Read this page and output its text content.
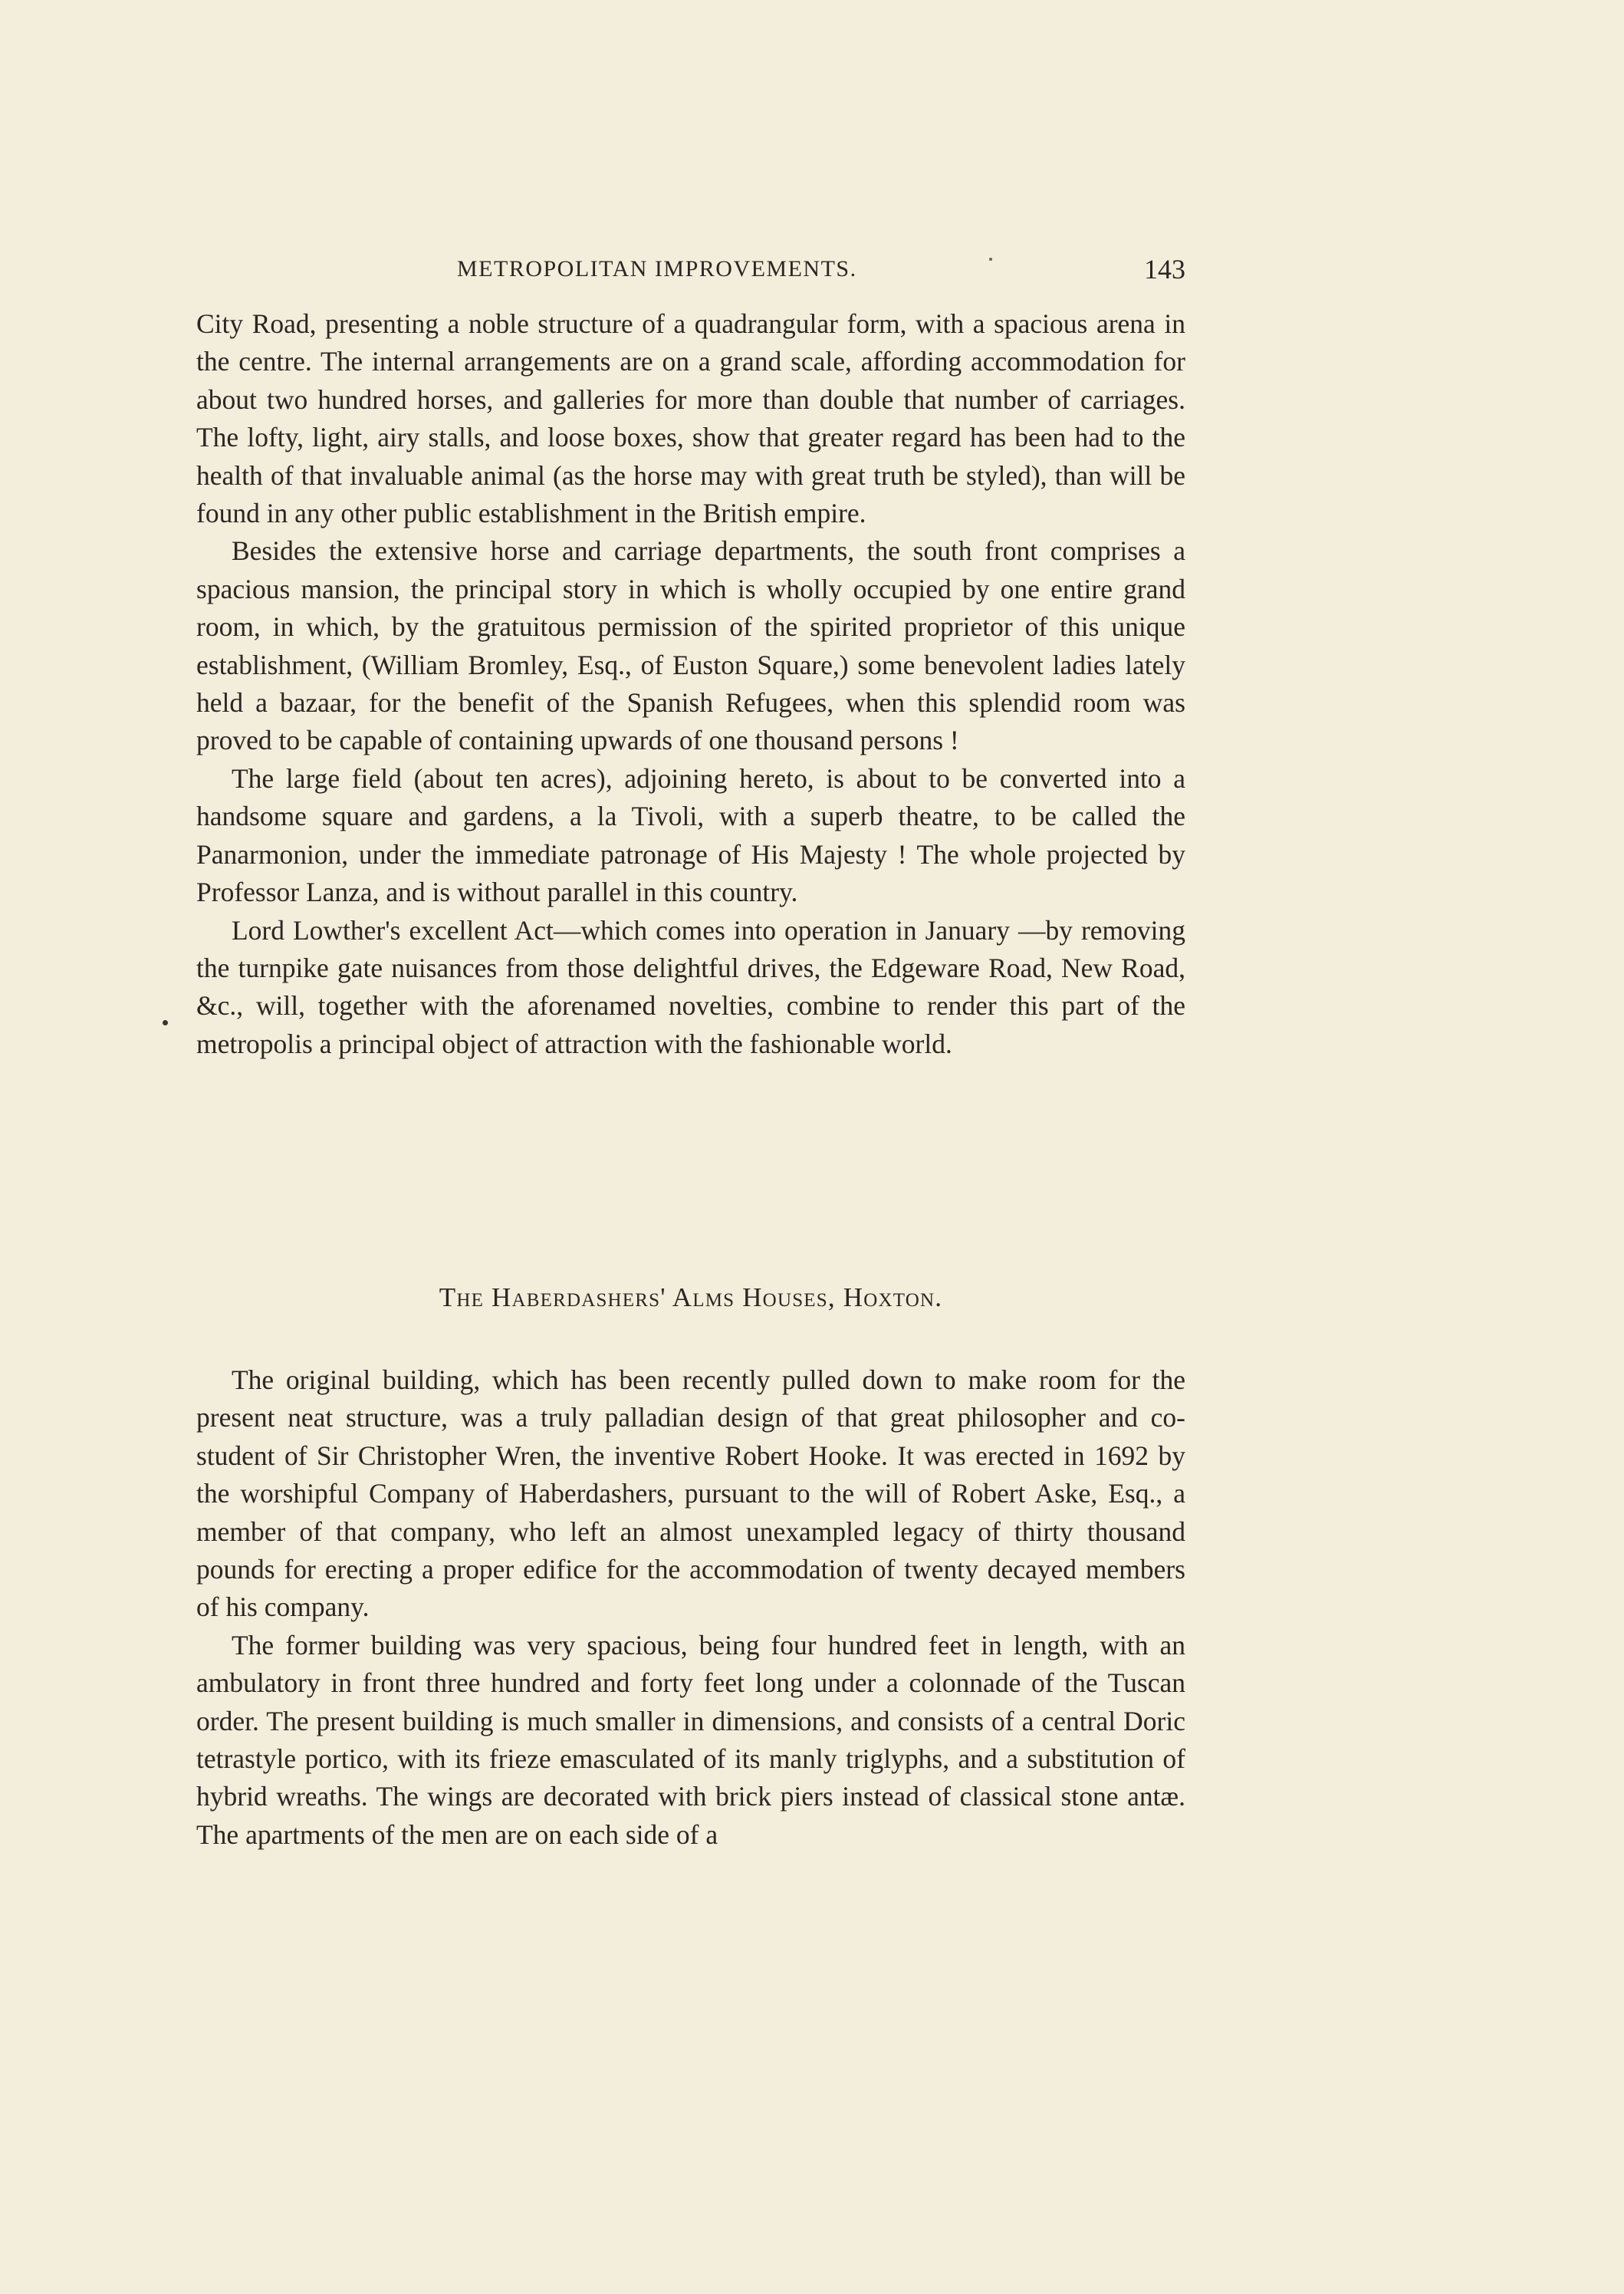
METROPOLITAN IMPROVEMENTS.	143

City Road, presenting a noble structure of a quadrangular form, with a spacious arena in the centre. The internal arrangements are on a grand scale, affording accommodation for about two hundred horses, and galleries for more than double that number of carriages. The lofty, light, airy stalls, and loose boxes, show that greater regard has been had to the health of that invaluable animal (as the horse may with great truth be styled), than will be found in any other public establishment in the British empire.

Besides the extensive horse and carriage departments, the south front comprises a spacious mansion, the principal story in which is wholly occupied by one entire grand room, in which, by the gratuitous permission of the spirited proprietor of this unique establishment, (William Bromley, Esq., of Euston Square,) some benevolent ladies lately held a bazaar, for the benefit of the Spanish Refugees, when this splendid room was proved to be capable of containing upwards of one thousand persons !

The large field (about ten acres), adjoining hereto, is about to be converted into a handsome square and gardens, a la Tivoli, with a superb theatre, to be called the Panarmonion, under the immediate patronage of His Majesty ! The whole projected by Professor Lanza, and is without parallel in this country.

Lord Lowther's excellent Act—which comes into operation in January —by removing the turnpike gate nuisances from those delightful drives, the Edgeware Road, New Road, &c., will, together with the aforenamed novelties, combine to render this part of the metropolis a principal object of attraction with the fashionable world.

The Haberdashers' Alms Houses, Hoxton.

The original building, which has been recently pulled down to make room for the present neat structure, was a truly palladian design of that great philosopher and co-student of Sir Christopher Wren, the inventive Robert Hooke. It was erected in 1692 by the worshipful Company of Haberdashers, pursuant to the will of Robert Aske, Esq., a member of that company, who left an almost unexampled legacy of thirty thousand pounds for erecting a proper edifice for the accommodation of twenty decayed members of his company.

The former building was very spacious, being four hundred feet in length, with an ambulatory in front three hundred and forty feet long under a colonnade of the Tuscan order. The present building is much smaller in dimensions, and consists of a central Doric tetrastyle portico, with its frieze emasculated of its manly triglyphs, and a substitution of hybrid wreaths. The wings are decorated with brick piers instead of classical stone antæ. The apartments of the men are on each side of a
